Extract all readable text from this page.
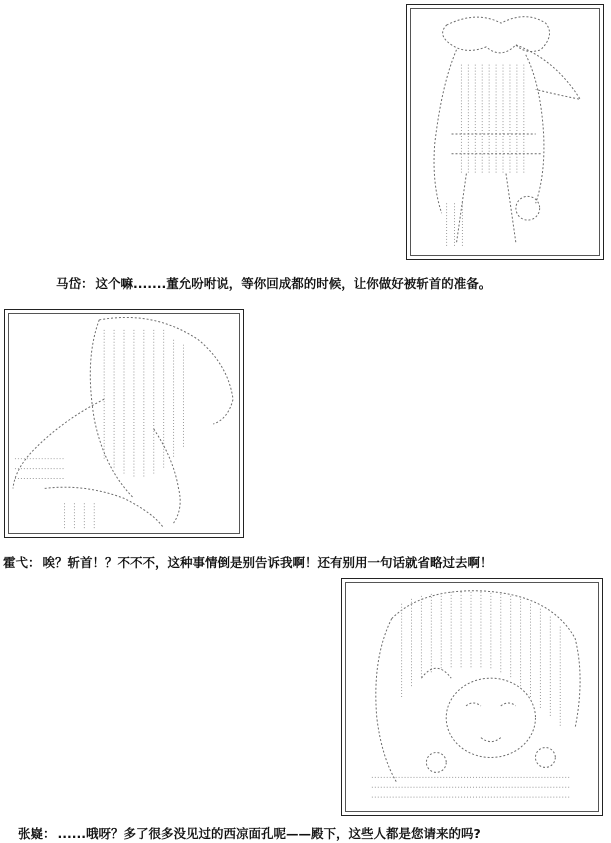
马岱： 这个嘛.......董允吩咐说，等你回成都的时候，让你做好被斩首的准备。
霍弋： 唉？斩首！？不不不，这种事情倒是别告诉我啊！还有别用一句话就省略过去啊！
张嶷： ......哦呀？多了很多没见过的西凉面孔呢——殿下，这些人都是您请来的吗?
